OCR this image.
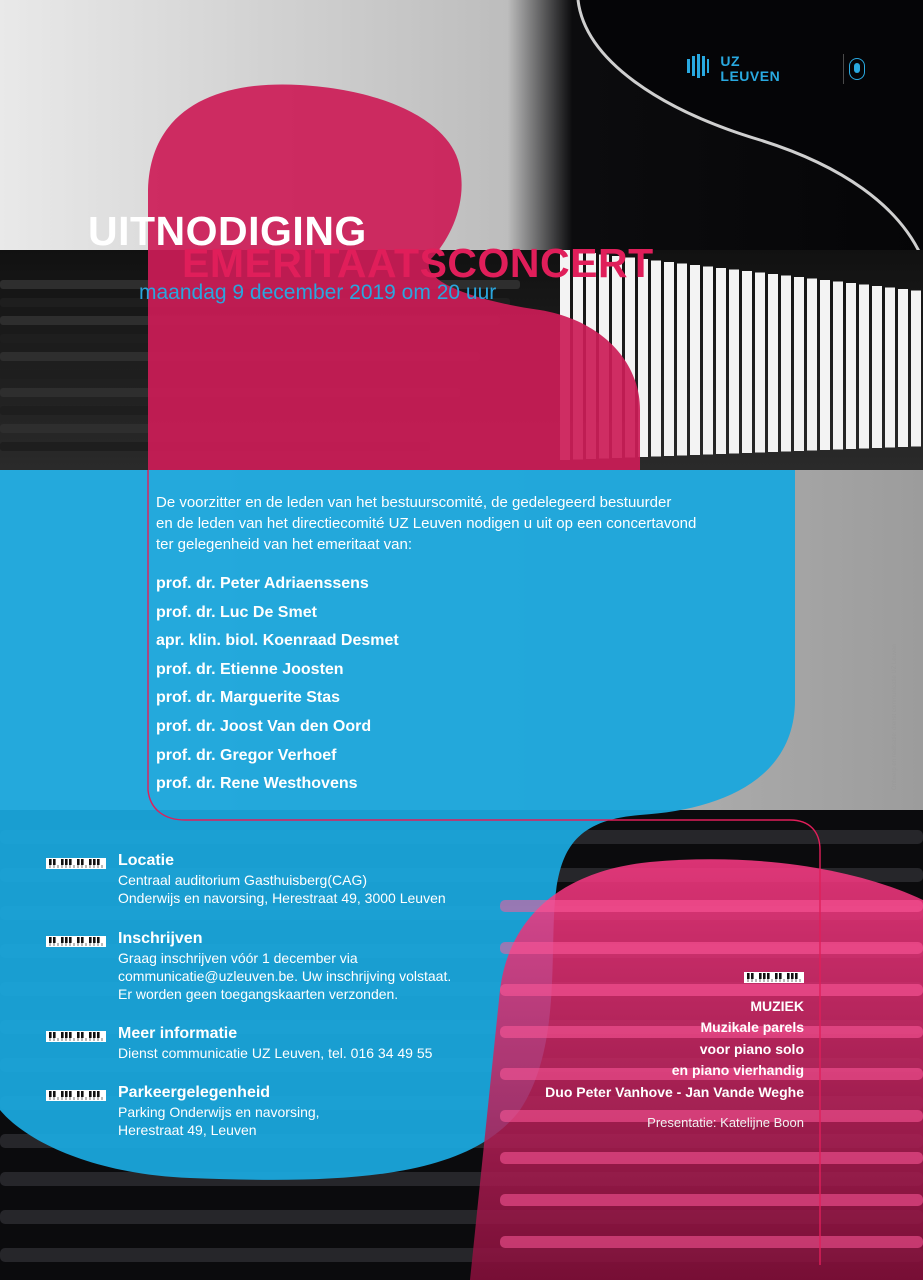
UZ
LEUVEN
UITNODIGING
EMERITAATSCONCERT
maandag 9 december 2019 om 20 uur
De voorzitter en de leden van het bestuurscomité, de gedelegeerd bestuurder
en de leden van het directiecomité UZ Leuven nodigen u uit op een concertavond
ter gelegenheid van het emeritaat van:
prof. dr. Peter Adriaenssens
prof. dr. Luc De Smet
apr. klin. biol. Koenraad Desmet
prof. dr. Etienne Joosten
prof. dr. Marguerite Stas
prof. dr. Joost Van den Oord
prof. dr. Gregor Verhoef
prof. dr. Rene Westhovens
Locatie
Centraal auditorium Gasthuisberg(CAG)
Onderwijs en navorsing, Herestraat 49, 3000 Leuven
Inschrijven
Graag inschrijven vóór 1 december via
communicatie@uzleuven.be. Uw inschrijving volstaat.
Er worden geen toegangskaarten verzonden.
Meer informatie
Dienst communicatie UZ Leuven, tel. 016 34 49 55
Parkeergelegenheid
Parking Onderwijs en navorsing,
Herestraat 49, Leuven
MUZIEK
Muzikale parels
voor piano solo
en piano vierhandig
Duo Peter Vanhove - Jan Vande Weghe
Presentatie: Katelijne Boon
Ontwerp en realisatie: dienst communicatie UZ Leuven
